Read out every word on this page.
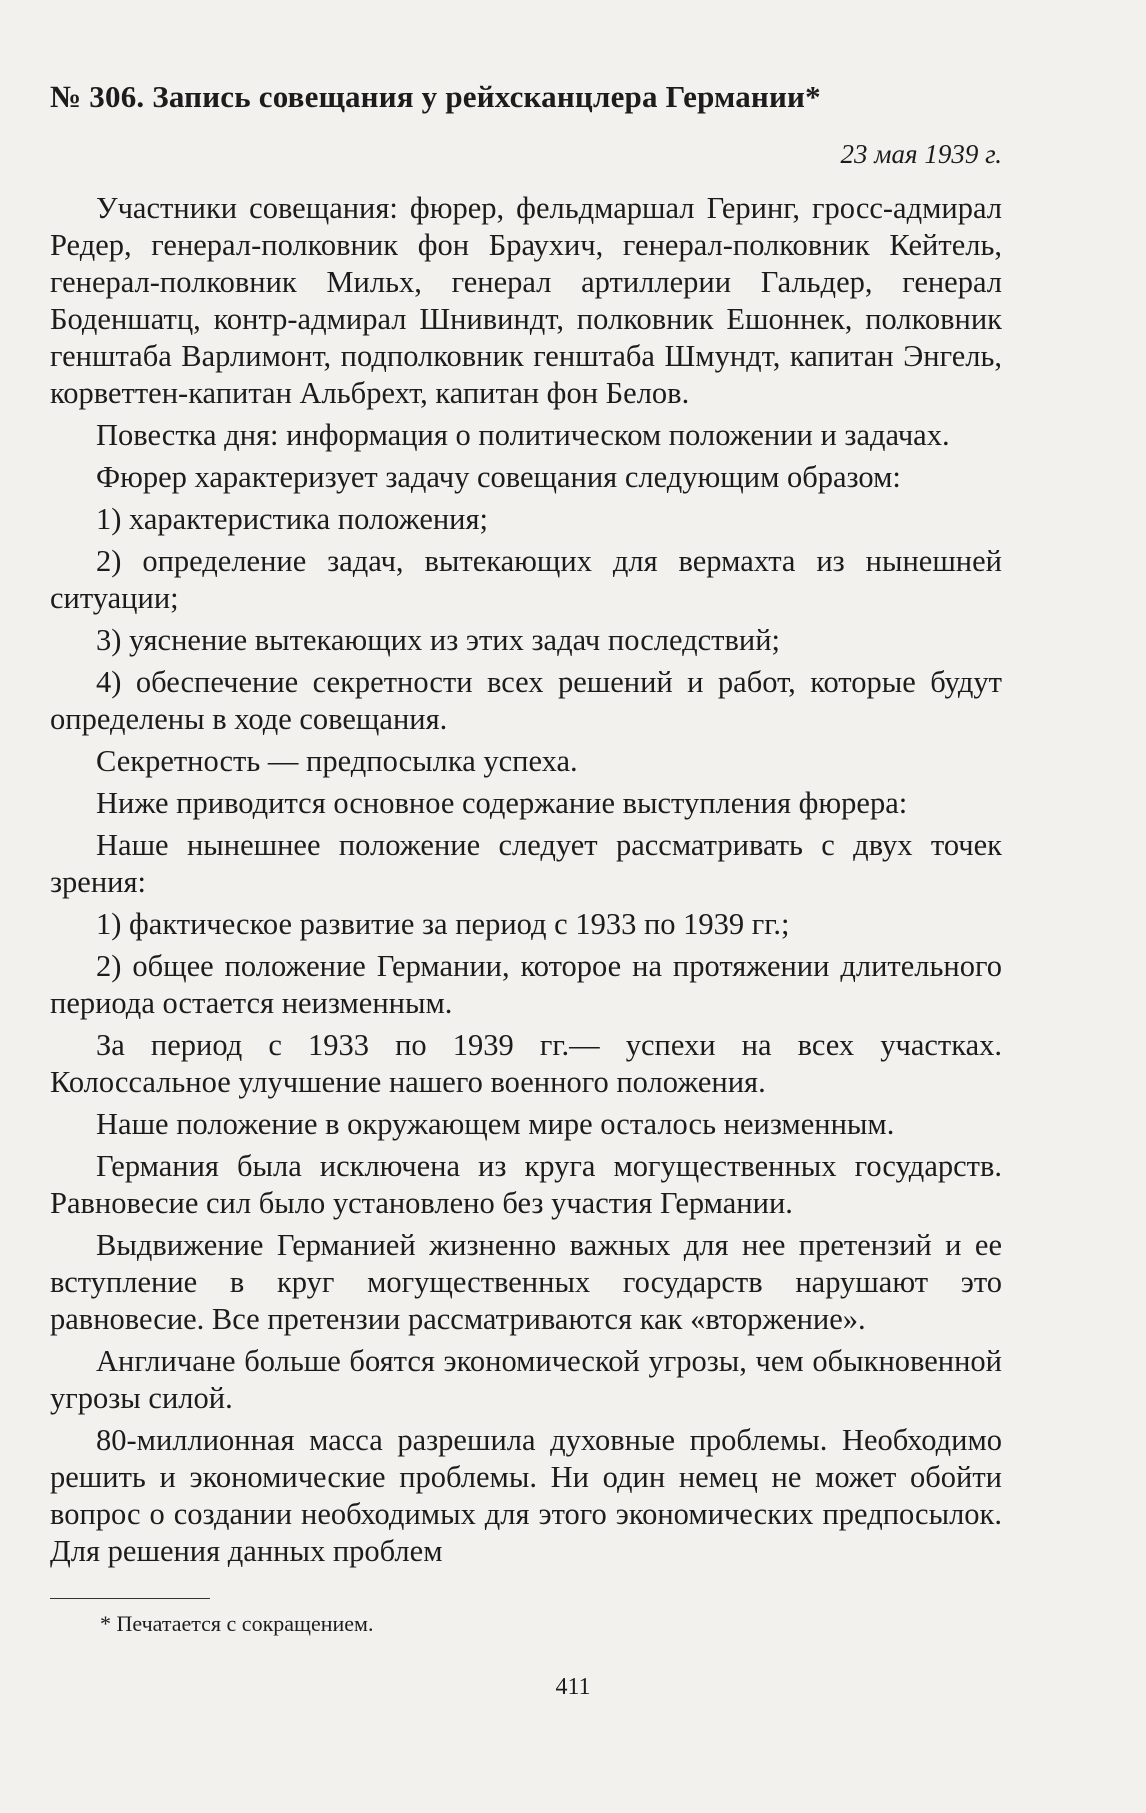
№ 306. Запись совещания у рейхсканцлера Германии*
23 мая 1939 г.

Участники совещания: фюрер, фельдмаршал Геринг, гросс-адмирал Редер, генерал-полковник фон Браухич, генерал-полковник Кейтель, генерал-полковник Мильх, генерал артиллерии Гальдер, генерал Боденшатц, контр-адмирал Шнивиндт, полковник Ешоннек, полковник генштаба Варлимонт, подполковник генштаба Шмундт, капитан Энгель, корветтен-капитан Альбрехт, капитан фон Белов.

Повестка дня: информация о политическом положении и задачах.

Фюрер характеризует задачу совещания следующим образом:

1) характеристика положения;

2) определение задач, вытекающих для вермахта из нынешней ситуации;

3) уяснение вытекающих из этих задач последствий;

4) обеспечение секретности всех решений и работ, которые будут определены в ходе совещания.

Секретность — предпосылка успеха.

Ниже приводится основное содержание выступления фюрера:

Наше нынешнее положение следует рассматривать с двух точек зрения:

1) фактическое развитие за период с 1933 по 1939 гг.;

2) общее положение Германии, которое на протяжении длительного периода остается неизменным.

За период с 1933 по 1939 гг.— успехи на всех участках. Колоссальное улучшение нашего военного положения.

Наше положение в окружающем мире осталось неизменным.

Германия была исключена из круга могущественных государств. Равновесие сил было установлено без участия Германии.

Выдвижение Германией жизненно важных для нее претензий и ее вступление в круг могущественных государств нарушают это равновесие. Все претензии рассматриваются как «вторжение».

Англичане больше боятся экономической угрозы, чем обыкновенной угрозы силой.

80-миллионная масса разрешила духовные проблемы. Необходимо решить и экономические проблемы. Ни один немец не может обойти вопрос о создании необходимых для этого экономических предпосылок. Для решения данных проблем

* Печатается с сокращением.
411
